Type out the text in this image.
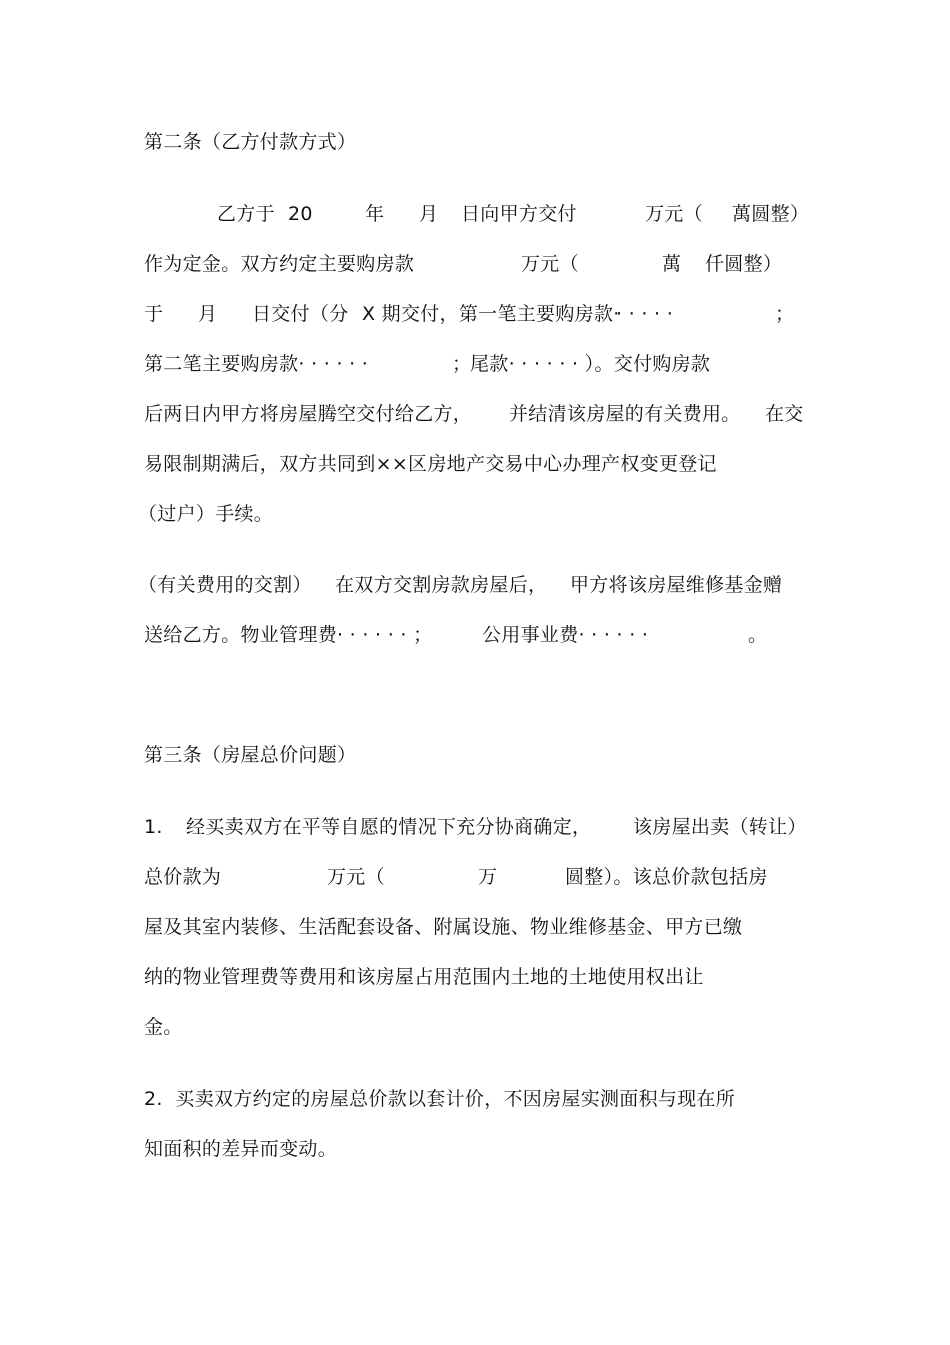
第二条（乙方付款方式）

乙方于

20

	年

月

日向甲方交付

	万元（

萬圆整）

作为定金。双方约定主要购房款

	万元（

	萬

仟圆整）

于

月

日交付（分

X 期交付，第一笔主要购房款·

· · · · ·

	；

第二笔主要购房款· · · · · ·

	；

尾款· · · · · · ）。交付购房款

后两日内甲方将房屋腾空交付给乙方，

并结清该房屋的有关费用。

在交

易限制期满后，双方共同到××区房地产交易中心办理产权变更登记

（过户）手续。

（有关费用的交割）

在双方交割房款房屋后，

甲方将该房屋维修基金赠

送给乙方。物业管理费· · · · · · ；

	公用事业费· · · · · ·

	。

第三条（房屋总价问题）

1.

经买卖双方在平等自愿的情况下充分协商确定，

该房屋出卖（转让）

总价款为

	万元（

	万

	圆整）。该总价款包括房

屋及其室内装修、生活配套设备、附属设施、物业维修基金、甲方已缴

纳的物业管理费等费用和该房屋占用范围内土地的土地使用权出让

金。

2.  买卖双方约定的房屋总价款以套计价，不因房屋实测面积与现在所

知面积的差异而变动。
